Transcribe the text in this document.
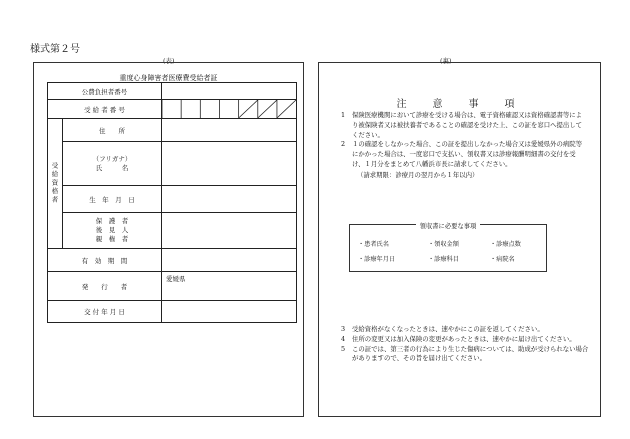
様式第２号
(表)
重度心身障害者医療費受給者証
公費負担者番号		

受 給 者 番 号	

受給資格者	住　　所	

	（フリガナ）
氏　　　名	

	生　年　月　日	

	保　護　者
後　見　人
親　権　者	

有　効　期　間		
発　　行　　者		愛媛県
交 付 年 月 日		
(裏)
注　意　事　項
1	保険医療機関において診療を受ける場合は、電子資格確認又は資格確認書等により被保険者又は被扶養者であることの確認を受けた上、この証を窓口へ提出してください。
2	１の確認をしなかった場合、この証を提出しなかった場合又は愛媛県外の病院等にかかった場合は、一度窓口で支払い、領収書又は診療報酬明細書の交付を受け、１月分をまとめて八幡浜市長に請求してください。
（請求期限：診療月の翌月から１年以内）
領収書に必要な事項
・患者氏名	・領収金額	・診療点数
・診療年月日	・診療科目	・病院名
3	受給資格がなくなったときは、速やかにこの証を返してください。
4	住所の変更又は加入保険の変更があったときは、速やかに届け出てください。
5	この証では、第三者の行為により生じた傷病については、助成が受けられない場合がありますので、その旨を届け出てください。
